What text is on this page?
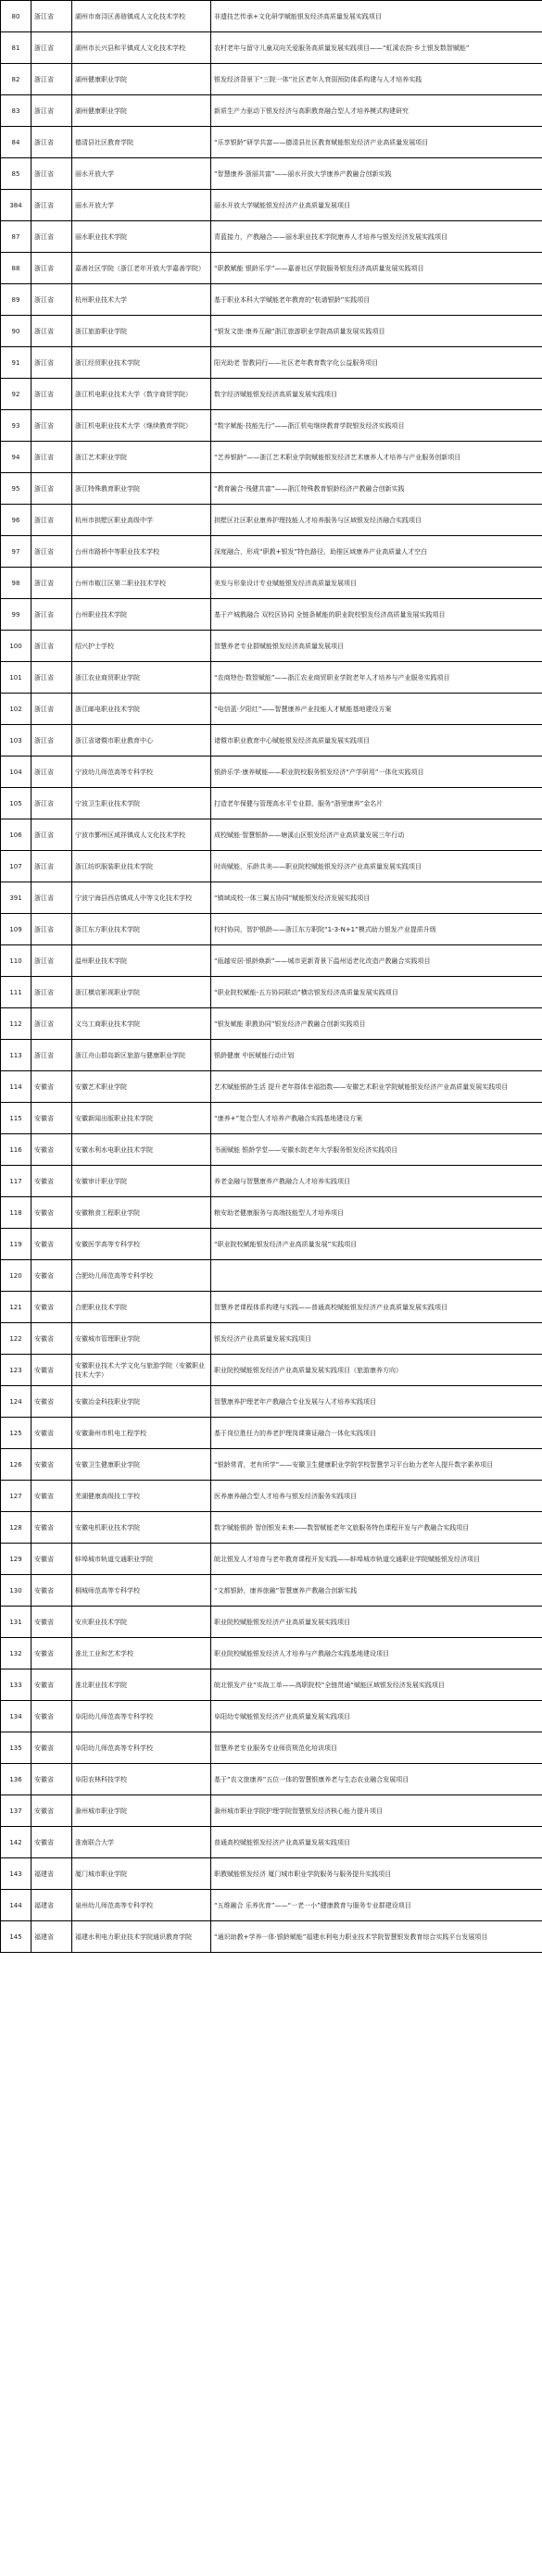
80	浙江省	湖州市南浔区善琏镇成人文化技术学校	非遗技艺传承+文化研学赋能银发经济高质量发展实践项目
81	浙江省	湖州市长兴县和平镇成人文化技术学校	农村老年与留守儿童双向关爱服务高质量发展实践项目——“虹溪农韵·乡土银发数智赋能”
82	浙江省	湖州健康职业学院	银发经济背景下“三院一体”社区老年人衰弱预防体系构建与人才培养实践
83	浙江省	湖州健康职业学院	新质生产力驱动下银发经济与高职教育融合型人才培养模式构建研究
84	浙江省	德清县社区教育学院	“乐享银龄”研学共富——德清县社区教育赋能银发经济产业高质量发展项目
85	浙江省	丽水开放大学	“智慧康养·浙丽共富”——丽水开放大学康养产教融合创新实践
384	浙江省	丽水开放大学	丽水开放大学赋能银发经济产业高质量发展项目
87	浙江省	丽水职业技术学院	青蓝接力，产教融合——丽水职业技术学院康养人才培养与银发经济发展实践项目
88	浙江省	嘉善社区学院（浙江老年开放大学嘉善学院）	“职教赋能 银龄乐学”——嘉善社区学院服务银发经济高质量发展实践项目
89	浙江省	杭州职业技术大学	基于职业本科大学赋能老年教育的“杭谱银龄”实践项目
90	浙江省	浙江旅游职业学院	“银发文旅·康养互融”浙江旅游职业学院高质量发展实践项目
91	浙江省	浙江经贸职业技术学院	阳光助老 智教同行——社区老年教育数字化公益服务项目
92	浙江省	浙江机电职业技术大学（数字商贸学院）	数字经济赋能银发经济高质量发展实践项目
93	浙江省	浙江机电职业技术大学（继续教育学院）	“数字赋能·技能先行”——浙江机电继续教育学院银发经济实践项目
94	浙江省	浙江艺术职业学院	“艺养银龄”——浙江艺术职业学院赋能银发经济艺术康养人才培养与产业服务创新项目
95	浙江省	浙江特殊教育职业学院	“教育融合·残健共富”——浙江特殊教育银龄经济产教融合创新实践
96	浙江省	杭州市拱墅区职业高级中学	拱墅区社区职业康养护理技能人才培养服务与区域银发经济融合实践项目
97	浙江省	台州市路桥中等职业技术学校	深度融合，形成“职教+银发”特色路径，助推区域康养产业高质量人才空白
98	浙江省	台州市椒江区第二职业技术学校	美发与形象设计专业赋能银发经济高质量发展项目
99	浙江省	台州职业技术学院	基于产城教融合 双校区协同 全链条赋能的职业院校银发经济高质量发展实践项目
100	浙江省	绍兴护士学校	智慧养老专业群赋能银发经济高质量发展项目
101	浙江省	浙江农业商贸职业学院	“农商特色·数智赋能”——浙江农业商贸职业学院老年人才培养与产业服务实践项目
102	浙江省	浙江邮电职业技术学院	“电信蓝·夕阳红”——智慧康养产业技能人才赋能基地建设方案
103	浙江省	浙江省诸暨市职业教育中心	诸暨市职业教育中心赋能银发经济高质量发展实践项目
104	浙江省	宁波幼儿师范高等专科学校	银龄乐学·康养赋能——职业院校服务银发经济“产学研用”一体化实践项目
105	浙江省	宁波卫生职业技术学院	打造老年保健与管理高水平专业群，服务“浙里康养”金名片
106	浙江省	宁波市鄞州区咸祥镇成人文化技术学校	成校赋能·智慧银龄——塘溪山区银发经济产业高质量发展三年行动
107	浙江省	浙江纺织服装职业技术学院	时尚赋能，乐龄共美——职业院校赋能银发经济产业高质量发展实践项目
391	浙江省	宁波宁海县西店镇成人中等文化技术学校	“镇域成校一体三翼五协同”赋能银发经济发展实践项目
109	浙江省	浙江东方职业技术学院	校村协同，智护银龄——浙江东方职院“1-3-N+1”模式助力银发产业提质升级
110	浙江省	温州职业技术学院	“瓯越安居·银龄焕新”——城市更新背景下温州适老化改造产教融合实践项目
111	浙江省	浙江横店影视职业学院	“职业院校赋能-五方协同联动”横店银发经济高质量发展实践项目
112	浙江省	义乌工商职业技术学院	“银发赋能 职教协同”银发经济产教融合创新实践项目
113	浙江省	浙江舟山群岛新区旅游与健康职业学院	银龄健康 中医赋能行动计划
114	安徽省	安徽艺术职业学院	艺术赋能银龄生活 提升老年群体幸福指数——安徽艺术职业学院赋能银发经济产业高质量发展实践项目
115	安徽省	安徽新闻出版职业技术学院	“康养+”复合型人才培养产教融合实践基地建设方案
116	安徽省	安徽水利水电职业技术学院	书画赋能 银龄学堂——安徽水院老年大学服务银发经济实践项目
117	安徽省	安徽审计职业学院	养老金融与智慧康养产教融合人才培养实践项目
118	安徽省	安徽粮食工程职业学院	粮安助老健康服务与高端技能型人才培养项目
119	安徽省	安徽医学高等专科学校	“职业院校赋能银发经济产业高质量发展”实践项目
120	安徽省	合肥幼儿师范高等专科学校	
121	安徽省	合肥职业技术学院	智慧养老课程体系构建与实践——普通高校赋能银发经济产业高质量发展实践项目
122	安徽省	安徽城市管理职业学院	银发经济产业高质量发展实践项目
123	安徽省	安徽职业技术大学文化与旅游学院（安徽职业技术大学）	职业院校赋能银发经济产业高质量发展实践项目（旅游康养方向）
124	安徽省	安徽冶金科技职业学院	智慧康养护理老年产教融合专业发展与人才培养实践项目
125	安徽省	安徽滁州市机电工程学校	基于岗位胜任力的养老护理岗课赛证融合一体化实践项目
126	安徽省	安徽卫生健康职业学院	“银龄常青，老有所学”——安徽卫生健康职业学院学校智慧学习平台助力老年人提升数字素养项目
127	安徽省	芜湖健康高级技工学校	医养康养融合型人才培养与银发经济服务实践项目
128	安徽省	安徽电机职业技术学院	数字赋能银龄 智创银发未来——数智赋能老年文旅服务特色课程开发与产教融合实践项目
129	安徽省	蚌埠城市轨道交通职业学院	皖北银发人才培育与老年教育课程开发实践——蚌埠城市轨道交通职业学院赋能银发经济项目
130	安徽省	桐城师范高等专科学校	“文都银龄，康养旅融”智慧康养产教融合创新实践
131	安徽省	安庆职业技术学院	职业院校赋能银发经济产业高质量发展实践项目
132	安徽省	淮北工业和艺术学校	职业院校赋能银发经济人才培养与产教融合实践基地建设项目
133	安徽省	淮北职业技术学院	皖北银发产业“实战工单——高职院校”全链贯通“赋能区域银发经济发展实践项目
134	安徽省	阜阳幼儿师范高等专科学校	阜阳幼专赋能银发经济产业高质量发展实践项目
135	安徽省	阜阳幼儿师范高等专科学校	智慧养老专业服务专业师资规范化培训项目
136	安徽省	阜阳农林科技学校	基于“农文旅康养”五位一体的智慧银康养老与生态农业融合发展项目
137	安徽省	滁州城市职业学院	滁州城市职业学院护理学院智慧银发经济核心能力提升项目
142	安徽省	淮南联合大学	普通高校赋能银发经济产业高质量发展实践项目
143	福建省	厦门城市职业学院	职教赋能银发经济 厦门城市职业学院服务与服务提升实践项目
144	福建省	泉州幼儿师范高等专科学校	“五维融合 乐养优育”——“一老一小”健康教育与服务专业群建设项目
145	福建省	福建水利电力职业技术学院通识教育学院	“通识助教+学养一体·银龄赋能”福建水利电力职业技术学院智慧银发教育综合实践平台发展项目
